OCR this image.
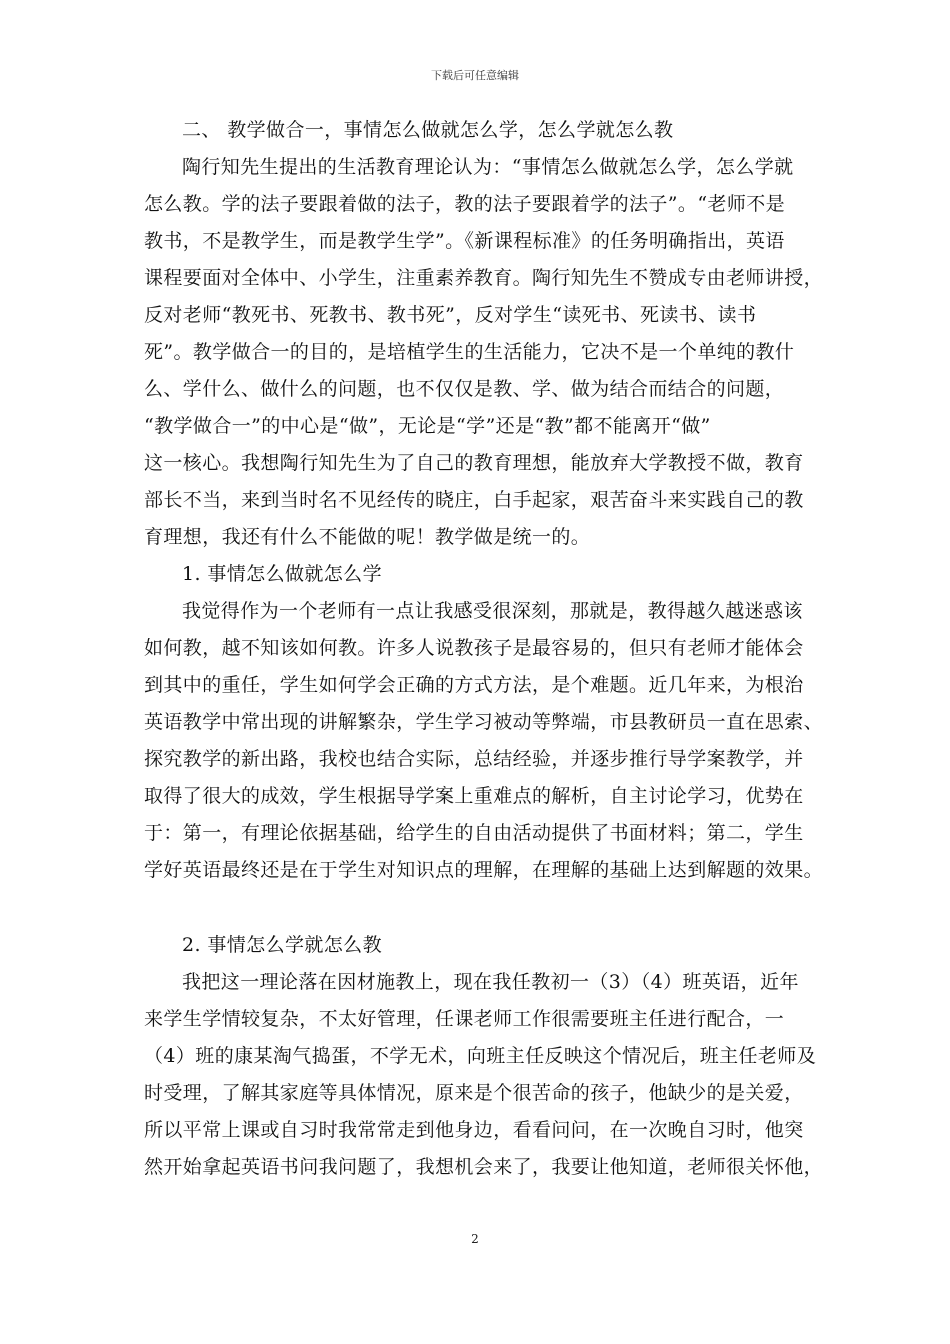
下载后可任意编辑
二、 教学做合一，事情怎么做就怎么学，怎么学就怎么教
陶行知先生提出的生活教育理论认为：“事情怎么做就怎么学，怎么学就
怎么教。学的法子要跟着做的法子，教的法子要跟着学的法子”。“老师不是
教书，不是教学生，而是教学生学”。《新课程标准》的任务明确指出，英语
课程要面对全体中、小学生，注重素养教育。陶行知先生不赞成专由老师讲授，
反对老师“教死书、死教书、教书死”，反对学生“读死书、死读书、读书
死”。教学做合一的目的，是培植学生的生活能力，它决不是一个单纯的教什
么、学什么、做什么的问题，也不仅仅是教、学、做为结合而结合的问题，
“教学做合一”的中心是“做”，无论是“学”还是“教”都不能离开“做”
这一核心。我想陶行知先生为了自己的教育理想，能放弃大学教授不做，教育
部长不当，来到当时名不见经传的晓庄，白手起家，艰苦奋斗来实践自己的教
育理想，我还有什么不能做的呢！教学做是统一的。
1. 事情怎么做就怎么学
我觉得作为一个老师有一点让我感受很深刻，那就是，教得越久越迷惑该
如何教，越不知该如何教。许多人说教孩子是最容易的，但只有老师才能体会
到其中的重任，学生如何学会正确的方式方法，是个难题。近几年来，为根治
英语教学中常出现的讲解繁杂，学生学习被动等弊端，市县教研员一直在思索、
探究教学的新出路，我校也结合实际，总结经验，并逐步推行导学案教学，并
取得了很大的成效，学生根据导学案上重难点的解析，自主讨论学习，优势在
于：第一，有理论依据基础，给学生的自由活动提供了书面材料；第二，学生
学好英语最终还是在于学生对知识点的理解，在理解的基础上达到解题的效果。
2. 事情怎么学就怎么教
我把这一理论落在因材施教上，现在我任教初一（3）（4）班英语，近年
来学生学情较复杂，不太好管理，任课老师工作很需要班主任进行配合，一
（4）班的康某淘气捣蛋，不学无术，向班主任反映这个情况后，班主任老师及
时受理，了解其家庭等具体情况，原来是个很苦命的孩子，他缺少的是关爱，
所以平常上课或自习时我常常走到他身边，看看问问，在一次晚自习时，他突
然开始拿起英语书问我问题了，我想机会来了，我要让他知道，老师很关怀他，
2
